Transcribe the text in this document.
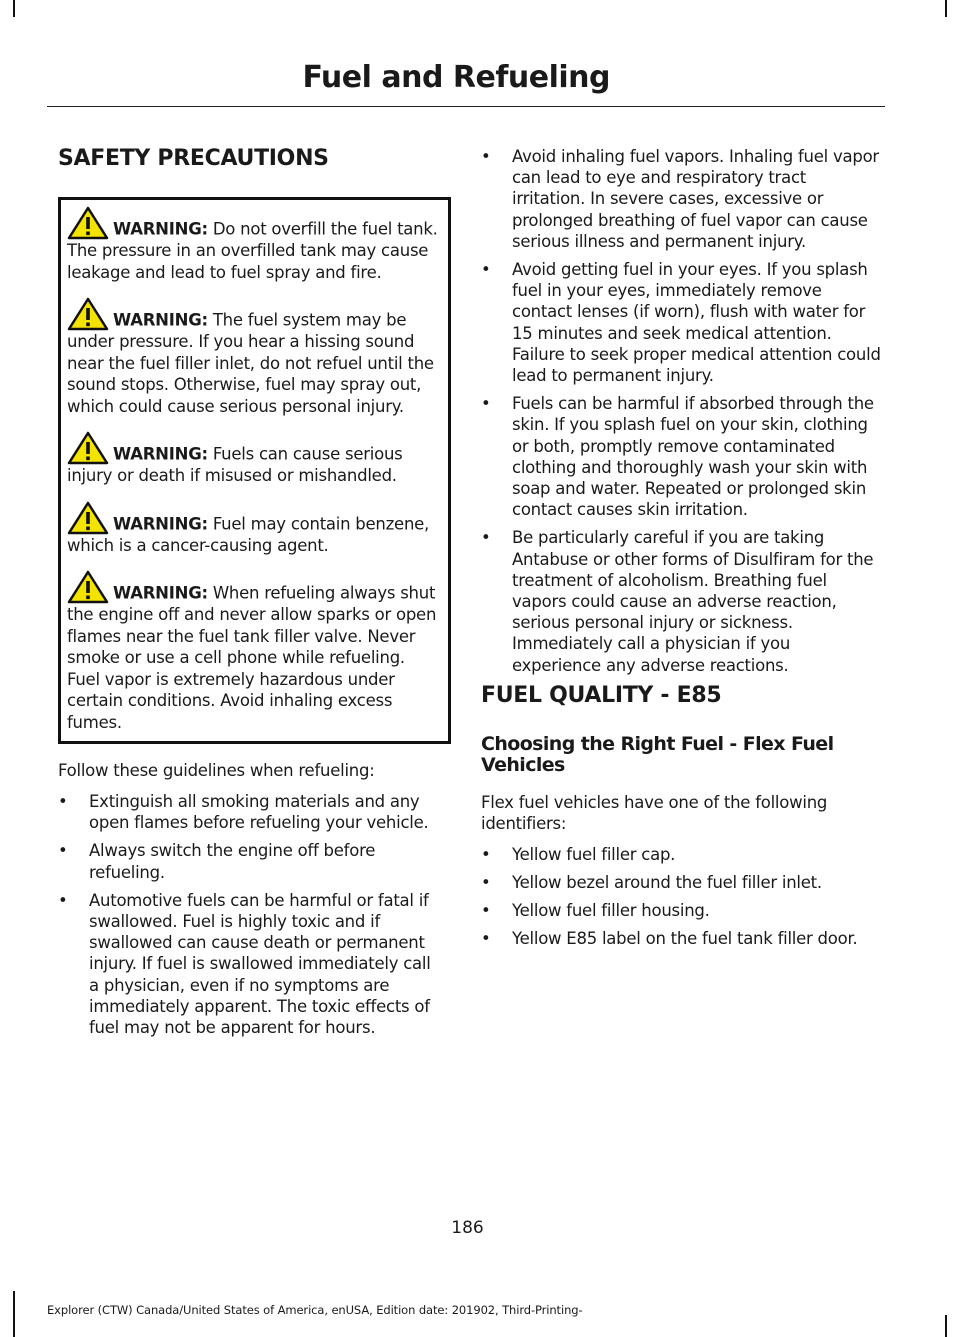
Fuel and Refueling
SAFETY PRECAUTIONS

WARNING: Do not overfill the fuel tank. The pressure in an overfilled tank may cause leakage and lead to fuel spray and fire.

WARNING: The fuel system may be under pressure. If you hear a hissing sound near the fuel filler inlet, do not refuel until the sound stops. Otherwise, fuel may spray out, which could cause serious personal injury.

WARNING: Fuels can cause serious injury or death if misused or mishandled.

WARNING: Fuel may contain benzene, which is a cancer-causing agent.

WARNING: When refueling always shut the engine off and never allow sparks or open flames near the fuel tank filler valve. Never smoke or use a cell phone while refueling. Fuel vapor is extremely hazardous under certain conditions. Avoid inhaling excess fumes.

Follow these guidelines when refueling:

• Extinguish all smoking materials and any open flames before refueling your vehicle.
• Always switch the engine off before refueling.
• Automotive fuels can be harmful or fatal if swallowed. Fuel is highly toxic and if swallowed can cause death or permanent injury. If fuel is swallowed immediately call a physician, even if no symptoms are immediately apparent. The toxic effects of fuel may not be apparent for hours.
• Avoid inhaling fuel vapors. Inhaling fuel vapor can lead to eye and respiratory tract irritation. In severe cases, excessive or prolonged breathing of fuel vapor can cause serious illness and permanent injury.
• Avoid getting fuel in your eyes. If you splash fuel in your eyes, immediately remove contact lenses (if worn), flush with water for 15 minutes and seek medical attention. Failure to seek proper medical attention could lead to permanent injury.
• Fuels can be harmful if absorbed through the skin. If you splash fuel on your skin, clothing or both, promptly remove contaminated clothing and thoroughly wash your skin with soap and water. Repeated or prolonged skin contact causes skin irritation.
• Be particularly careful if you are taking Antabuse or other forms of Disulfiram for the treatment of alcoholism. Breathing fuel vapors could cause an adverse reaction, serious personal injury or sickness. Immediately call a physician if you experience any adverse reactions.
FUEL QUALITY - E85
Choosing the Right Fuel - Flex Fuel Vehicles

Flex fuel vehicles have one of the following identifiers:

• Yellow fuel filler cap.
• Yellow bezel around the fuel filler inlet.
• Yellow fuel filler housing.
• Yellow E85 label on the fuel tank filler door.
186
Explorer (CTW) Canada/United States of America, enUSA, Edition date: 201902, Third-Printing-
